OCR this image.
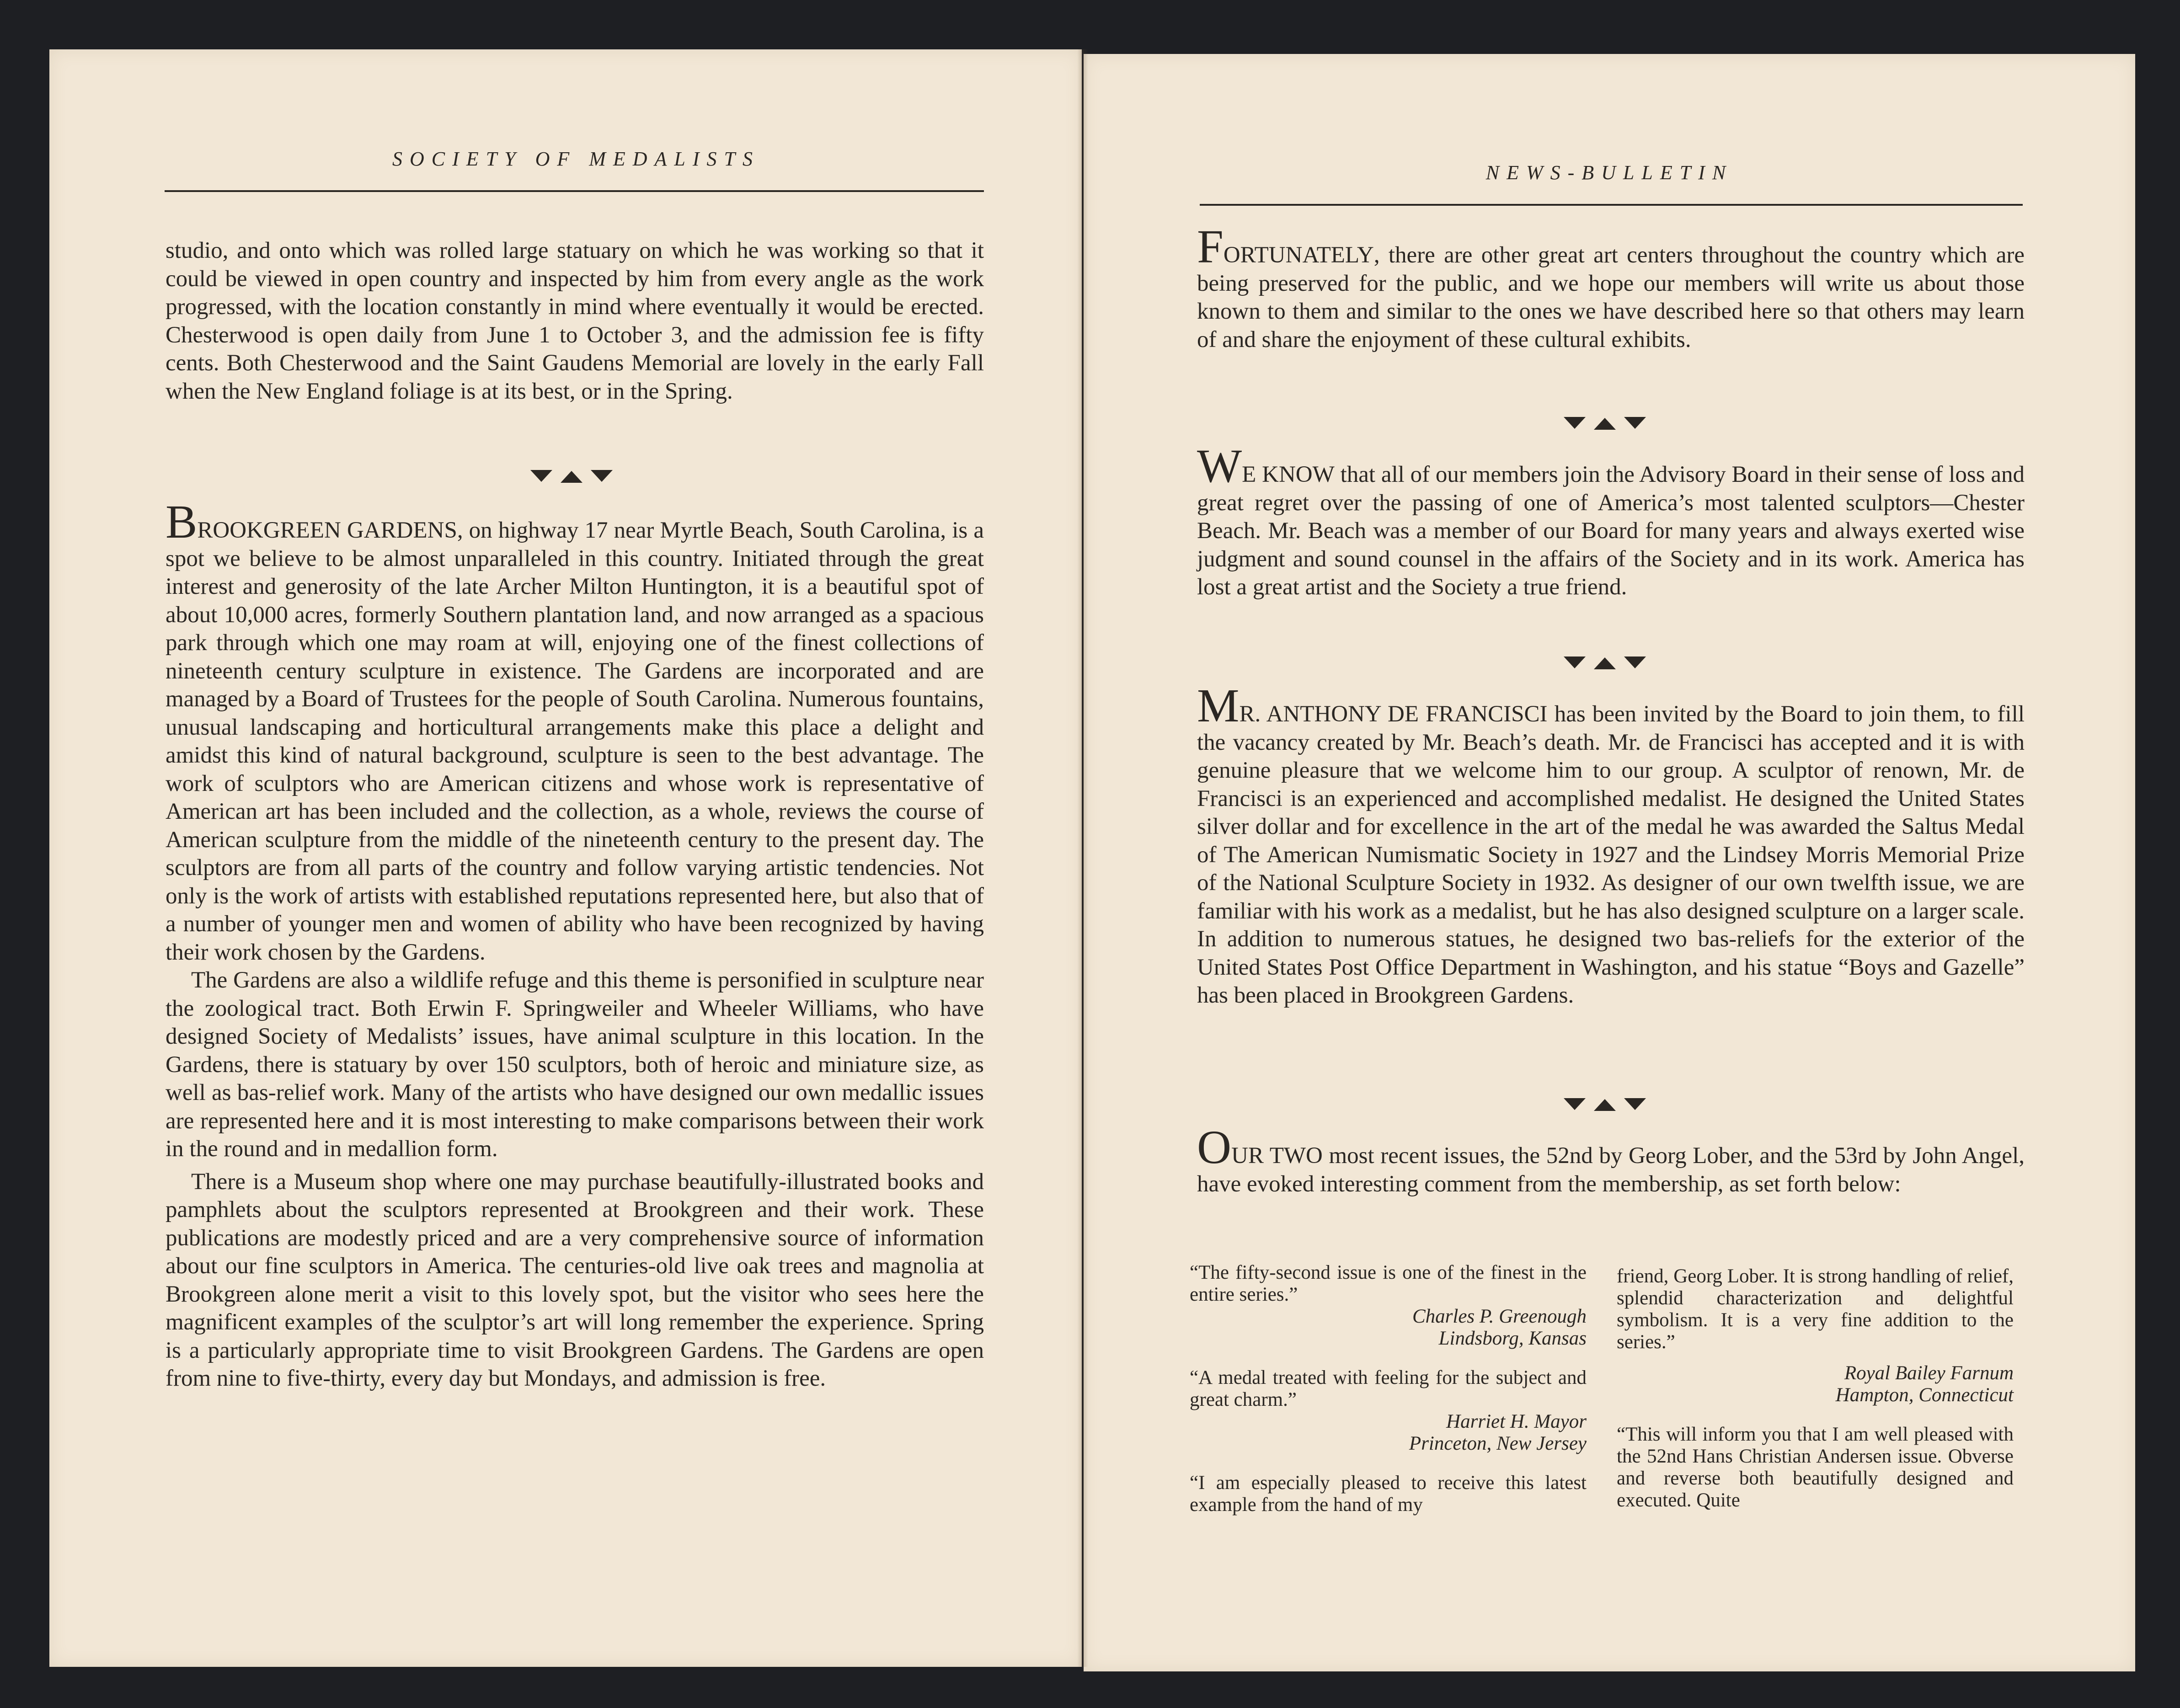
SOCIETY OF MEDALISTS

studio, and onto which was rolled large statuary on which he was working so that it could be viewed in open country and inspected by him from every angle as the work progressed, with the location constantly in mind where eventually it would be erected. Chesterwood is open daily from June 1 to October 3, and the admission fee is fifty cents. Both Chesterwood and the Saint Gaudens Memorial are lovely in the early Fall when the New England foliage is at its best, or in the Spring.

BROOKGREEN GARDENS, on highway 17 near Myrtle Beach, South Carolina, is a spot we believe to be almost unparalleled in this country. Initiated through the great interest and generosity of the late Archer Milton Huntington, it is a beautiful spot of about 10,000 acres, formerly Southern plantation land, and now arranged as a spacious park through which one may roam at will, enjoying one of the finest collections of nineteenth century sculpture in existence. The Gardens are incorporated and are managed by a Board of Trustees for the people of South Carolina. Numerous fountains, unusual landscaping and horticultural arrangements make this place a delight and amidst this kind of natural background, sculpture is seen to the best advantage. The work of sculptors who are American citizens and whose work is representative of American art has been included and the collection, as a whole, reviews the course of American sculpture from the middle of the nineteenth century to the present day. The sculptors are from all parts of the country and follow varying artistic tendencies. Not only is the work of artists with established reputations represented here, but also that of a number of younger men and women of ability who have been recognized by having their work chosen by the Gardens.

The Gardens are also a wildlife refuge and this theme is personified in sculpture near the zoological tract. Both Erwin F. Springweiler and Wheeler Williams, who have designed Society of Medalists’ issues, have animal sculpture in this location. In the Gardens, there is statuary by over 150 sculptors, both of heroic and miniature size, as well as bas-relief work. Many of the artists who have designed our own medallic issues are represented here and it is most interesting to make comparisons between their work in the round and in medallion form.

There is a Museum shop where one may purchase beautifully-illustrated books and pamphlets about the sculptors represented at Brookgreen and their work. These publications are modestly priced and are a very comprehensive source of information about our fine sculptors in America. The centuries-old live oak trees and magnolia at Brookgreen alone merit a visit to this lovely spot, but the visitor who sees here the magnificent examples of the sculptor’s art will long remember the experience. Spring is a particularly appropriate time to visit Brookgreen Gardens. The Gardens are open from nine to five-thirty, every day but Mondays, and admission is free.

NEWS-BULLETIN

FORTUNATELY, there are other great art centers throughout the country which are being preserved for the public, and we hope our members will write us about those known to them and similar to the ones we have described here so that others may learn of and share the enjoyment of these cultural exhibits.

WE KNOW that all of our members join the Advisory Board in their sense of loss and great regret over the passing of one of America’s most talented sculptors—Chester Beach. Mr. Beach was a member of our Board for many years and always exerted wise judgment and sound counsel in the affairs of the Society and in its work. America has lost a great artist and the Society a true friend.

MR. ANTHONY DE FRANCISCI has been invited by the Board to join them, to fill the vacancy created by Mr. Beach’s death. Mr. de Francisci has accepted and it is with genuine pleasure that we welcome him to our group. A sculptor of renown, Mr. de Francisci is an experienced and accomplished medalist. He designed the United States silver dollar and for excellence in the art of the medal he was awarded the Saltus Medal of The American Numismatic Society in 1927 and the Lindsey Morris Memorial Prize of the National Sculpture Society in 1932. As designer of our own twelfth issue, we are familiar with his work as a medalist, but he has also designed sculpture on a larger scale. In addition to numerous statues, he designed two bas-reliefs for the exterior of the United States Post Office Department in Washington, and his statue “Boys and Gazelle” has been placed in Brookgreen Gardens.

OUR TWO most recent issues, the 52nd by Georg Lober, and the 53rd by John Angel, have evoked interesting comment from the membership, as set forth below:

“The fifty-second issue is one of the finest in the entire series.”

Charles P. Greenough

Lindsborg, Kansas

“A medal treated with feeling for the subject and great charm.”

Harriet H. Mayor

Princeton, New Jersey

“I am especially pleased to receive this latest example from the hand of my

friend, Georg Lober. It is strong handling of relief, splendid characterization and delightful symbolism. It is a very fine addition to the series.”

Royal Bailey Farnum

Hampton, Connecticut

“This will inform you that I am well pleased with the 52nd Hans Christian Andersen issue. Obverse and reverse both beautifully designed and executed. Quite
